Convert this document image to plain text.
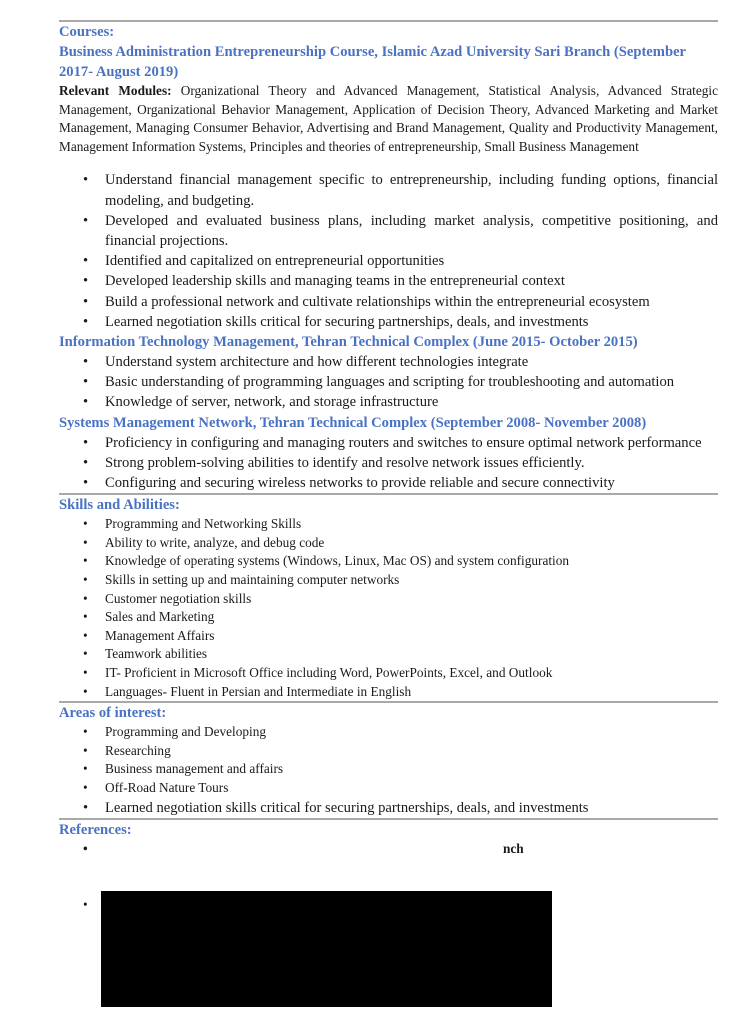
Courses:
Business Administration Entrepreneurship Course, Islamic Azad University Sari Branch (September 2017- August 2019)

Relevant Modules: Organizational Theory and Advanced Management, Statistical Analysis, Advanced Strategic Management, Organizational Behavior Management, Application of Decision Theory, Advanced Marketing and Market Management, Managing Consumer Behavior, Advertising and Brand Management, Quality and Productivity Management, Management Information Systems, Principles and theories of entrepreneurship, Small Business Management

• Understand financial management specific to entrepreneurship, including funding options, financial modeling, and budgeting.
• Developed and evaluated business plans, including market analysis, competitive positioning, and financial projections.
• Identified and capitalized on entrepreneurial opportunities
• Developed leadership skills and managing teams in the entrepreneurial context
• Build a professional network and cultivate relationships within the entrepreneurial ecosystem
• Learned negotiation skills critical for securing partnerships, deals, and investments
Information Technology Management, Tehran Technical Complex (June 2015- October 2015)
• Understand system architecture and how different technologies integrate
• Basic understanding of programming languages and scripting for troubleshooting and automation
• Knowledge of server, network, and storage infrastructure
Systems Management Network, Tehran Technical Complex (September 2008- November 2008)
• Proficiency in configuring and managing routers and switches to ensure optimal network performance
• Strong problem-solving abilities to identify and resolve network issues efficiently.
• Configuring and securing wireless networks to provide reliable and secure connectivity
Skills and Abilities:
• Programming and Networking Skills
• Ability to write, analyze, and debug code
• Knowledge of operating systems (Windows, Linux, Mac OS) and system configuration
• Skills in setting up and maintaining computer networks
• Customer negotiation skills
• Sales and Marketing
• Management Affairs
• Teamwork abilities
• IT- Proficient in Microsoft Office including Word, PowerPoints, Excel, and Outlook
• Languages- Fluent in Persian and Intermediate in English
Areas of interest:
• Programming and Developing
• Researching
• Business management and affairs
• Off-Road Nature Tours
• Learned negotiation skills critical for securing partnerships, deals, and investments
References:
• nch
•
